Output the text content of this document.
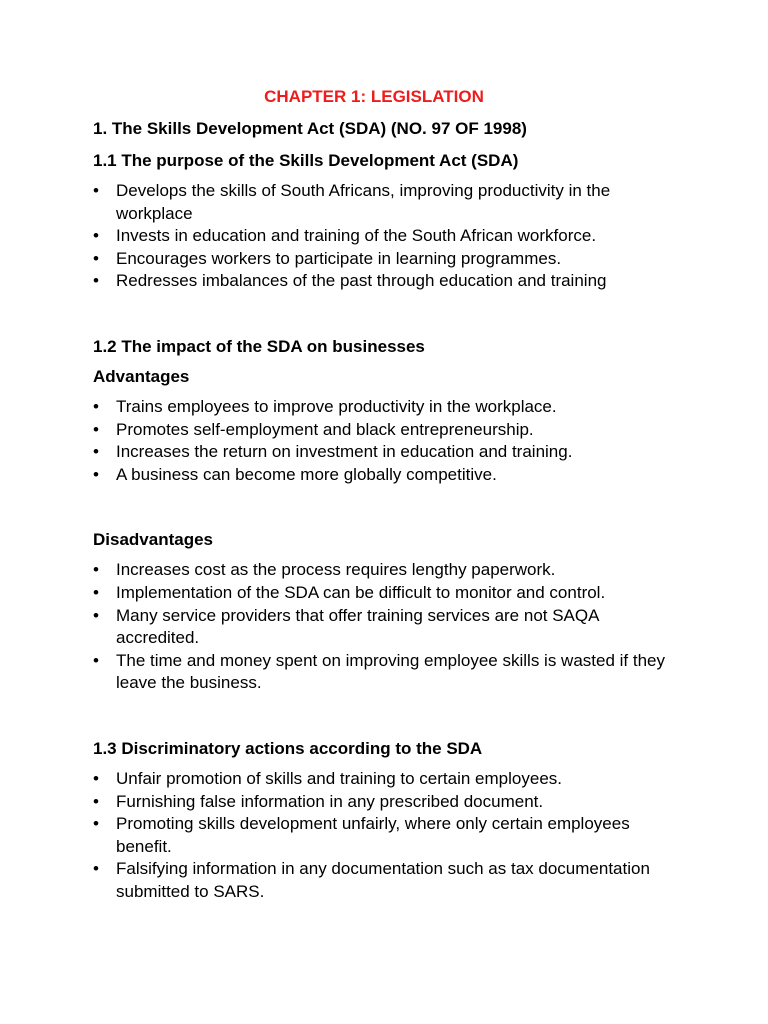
CHAPTER 1: LEGISLATION
1. The Skills Development Act (SDA) (NO. 97 OF 1998)
1.1 The purpose of the Skills Development Act (SDA)
•	Develops the skills of South Africans, improving productivity in the workplace
•	Invests in education and training of the South African workforce.
•	Encourages workers to participate in learning programmes.
•	Redresses imbalances of the past through education and training
1.2 The impact of the SDA on businesses
Advantages
•	Trains employees to improve productivity in the workplace.
•	Promotes self-employment and black entrepreneurship.
•	Increases the return on investment in education and training.
•	A business can become more globally competitive.
Disadvantages
•	Increases cost as the process requires lengthy paperwork.
•	Implementation of the SDA can be difficult to monitor and control.
•	Many service providers that offer training services are not SAQA accredited.
•	The time and money spent on improving employee skills is wasted if they leave the business.
1.3 Discriminatory actions according to the SDA
•	Unfair promotion of skills and training to certain employees.
•	Furnishing false information in any prescribed document.
•	Promoting skills development unfairly, where only certain employees benefit.
•	Falsifying information in any documentation such as tax documentation submitted to SARS.
